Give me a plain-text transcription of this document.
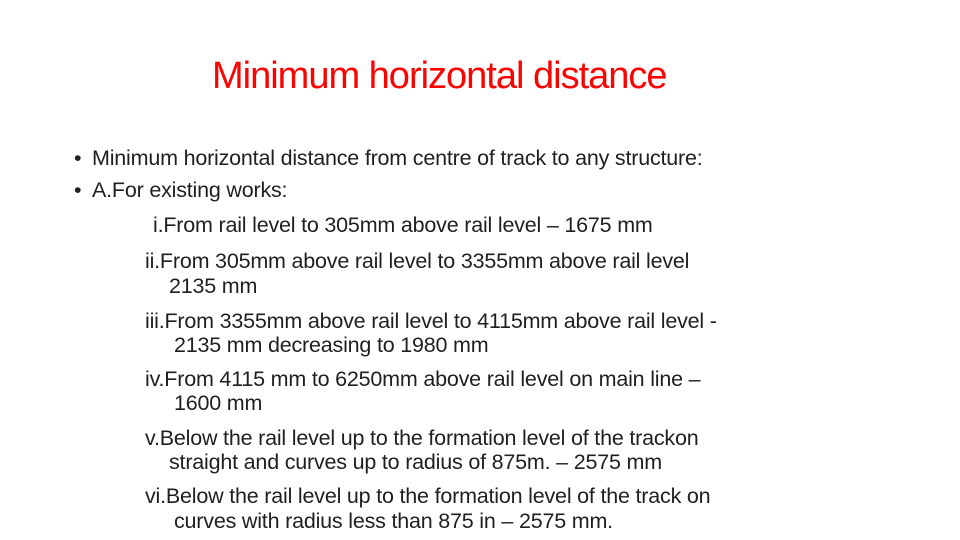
Minimum horizontal distance
• Minimum horizontal distance from centre of track to any structure:
• A.For existing works:
i.From rail level to 305mm above rail level – 1675 mm
ii.From 305mm above rail level to 3355mm above rail level
2135 mm
iii.From 3355mm above rail level to 4115mm above rail level -
2135 mm decreasing to 1980 mm
iv.From 4115 mm to 6250mm above rail level on main line –
1600 mm
v.Below the rail level up to the formation level of the trackon
straight and curves up to radius of 875m. – 2575 mm
vi.Below the rail level up to the formation level of the track on
curves with radius less than 875 in – 2575 mm.
